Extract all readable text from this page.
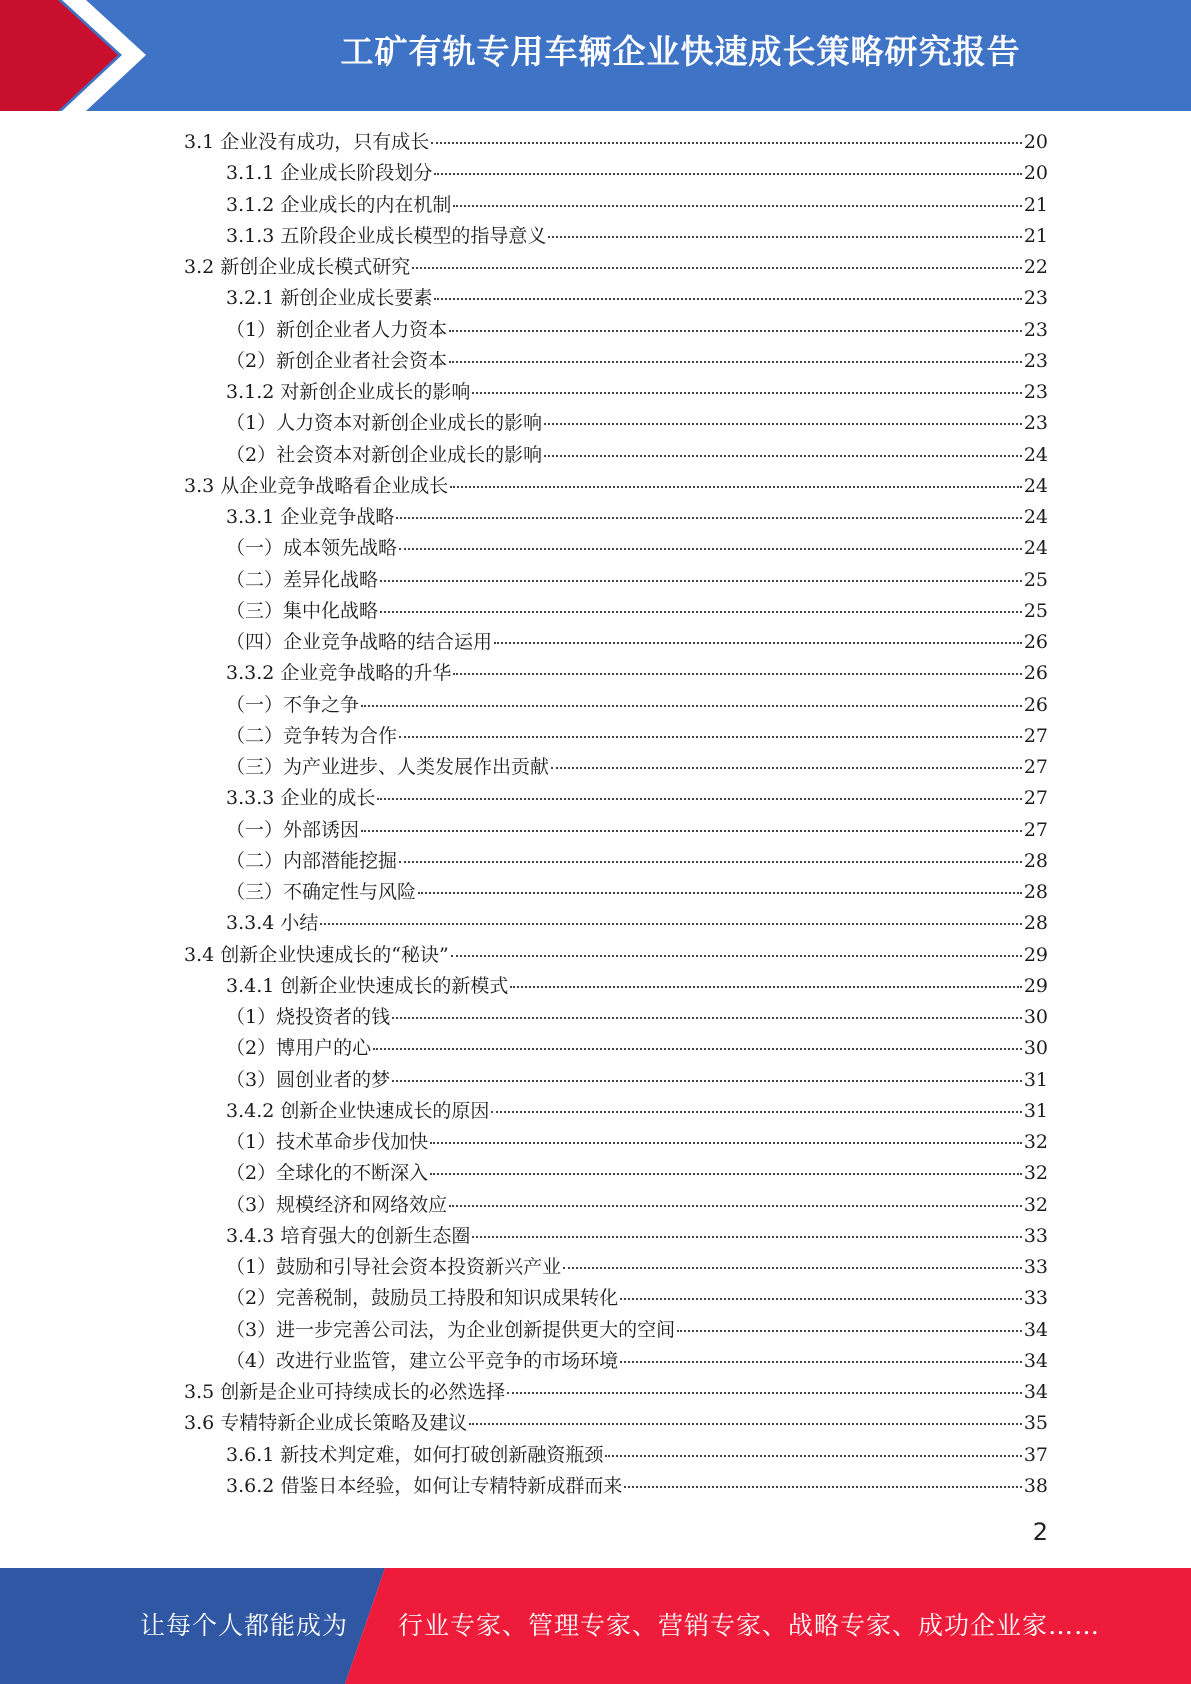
工矿有轨专用车辆企业快速成长策略研究报告
3.1 企业没有成功，只有成长	20
3.1.1 企业成长阶段划分	20
3.1.2 企业成长的内在机制	21
3.1.3 五阶段企业成长模型的指导意义	21
3.2 新创企业成长模式研究	22
3.2.1 新创企业成长要素	23
（1）新创企业者人力资本	23
（2）新创企业者社会资本	23
3.1.2 对新创企业成长的影响	23
（1）人力资本对新创企业成长的影响	23
（2）社会资本对新创企业成长的影响	24
3.3 从企业竞争战略看企业成长	24
3.3.1 企业竞争战略	24
（一）成本领先战略	24
（二）差异化战略	25
（三）集中化战略	25
（四）企业竞争战略的结合运用	26
3.3.2 企业竞争战略的升华	26
（一）不争之争	26
（二）竞争转为合作	27
（三）为产业进步、人类发展作出贡献	27
3.3.3 企业的成长	27
（一）外部诱因	27
（二）内部潜能挖掘	28
（三）不确定性与风险	28
3.3.4 小结	28
3.4 创新企业快速成长的“秘诀”	29
3.4.1 创新企业快速成长的新模式	29
（1）烧投资者的钱	30
（2）博用户的心	30
（3）圆创业者的梦	31
3.4.2 创新企业快速成长的原因	31
（1）技术革命步伐加快	32
（2）全球化的不断深入	32
（3）规模经济和网络效应	32
3.4.3 培育强大的创新生态圈	33
（1）鼓励和引导社会资本投资新兴产业	33
（2）完善税制，鼓励员工持股和知识成果转化	33
（3）进一步完善公司法，为企业创新提供更大的空间	34
（4）改进行业监管，建立公平竞争的市场环境	34
3.5 创新是企业可持续成长的必然选择	34
3.6 专精特新企业成长策略及建议	35
3.6.1 新技术判定难，如何打破创新融资瓶颈	37
3.6.2 借鉴日本经验，如何让专精特新成群而来	38
2
让每个人都能成为 行业专家、管理专家、营销专家、战略专家、成功企业家……
